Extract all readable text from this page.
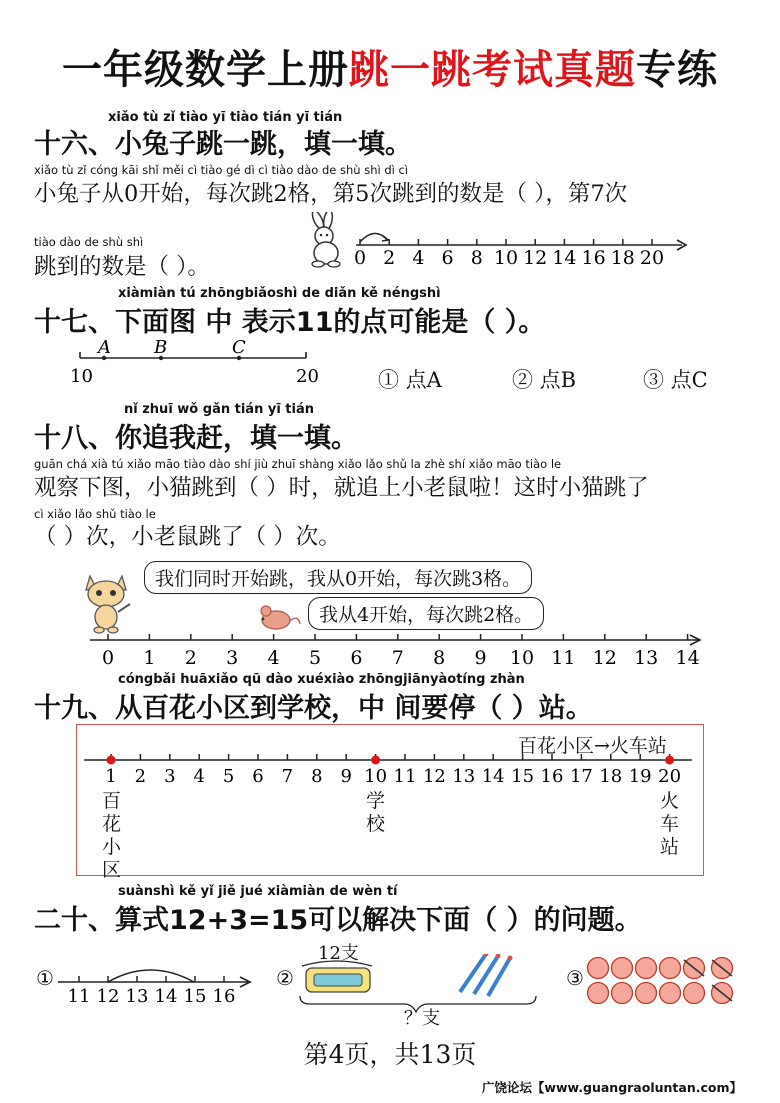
一年级数学上册跳一跳考试真题专练
xiǎo tù zǐ tiào yī tiào tián yī tián
十六、小兔子跳一跳，填一填。
xiǎo tù zǐ cóng kāi shǐ měi cì tiào gé dì cì tiào dào de shù shì dì cì
小兔子从0开始，每次跳2格，第5次跳到的数是（ ），第7次
tiào dào de shù shì
跳到的数是（ ）。	0 2 4 6 8 10 12 14 16 18 20
xiàmiàn tú zhōngbiǎoshì de diǎn kě néngshì
十七、下面图 中 表示11的点可能是（ ）。
A B	C
10	20	① 点A	② 点B	③ 点C
nǐ zhuī wǒ gǎn tián yī tián
十八、你追我赶，填一填。
guān chá xià tú xiǎo māo tiào dào shí jiù zhuī shàng xiǎo lǎo shǔ la zhè shí xiǎo māo tiào le
观察下图，小猫跳到（ ）时，就追上小老鼠啦！这时小猫跳了
cì xiǎo lǎo shǔ tiào le
（ ）次，小老鼠跳了（ ）次。
我们同时开始跳，我从0开始，每次跳3格。
我从4开始，每次跳2格。
0 1 2 3 4 5 6 7 8 9 10 11 12 13 14
cóngbǎi huāxiǎo qū dào xuéxiào zhōngjiānyàotíng zhàn
十九、从百花小区到学校，中 间要停（ ）站。
百花小区→火车站
1 2 3 4 5 6 7 8 9 10 11 12 13 14 15 16 17 18 19 20
百
花
小
区
学
校
火
车
站
suànshì kě yǐ jiě jué xiàmiàn de wèn tí
二十、算式12+3=15可以解决下面（ ）的问题。
①
11 12 13 14 15 16
②
12支
？支
③
第4页，共13页
广饶论坛【www.guangraoluntan.com】
